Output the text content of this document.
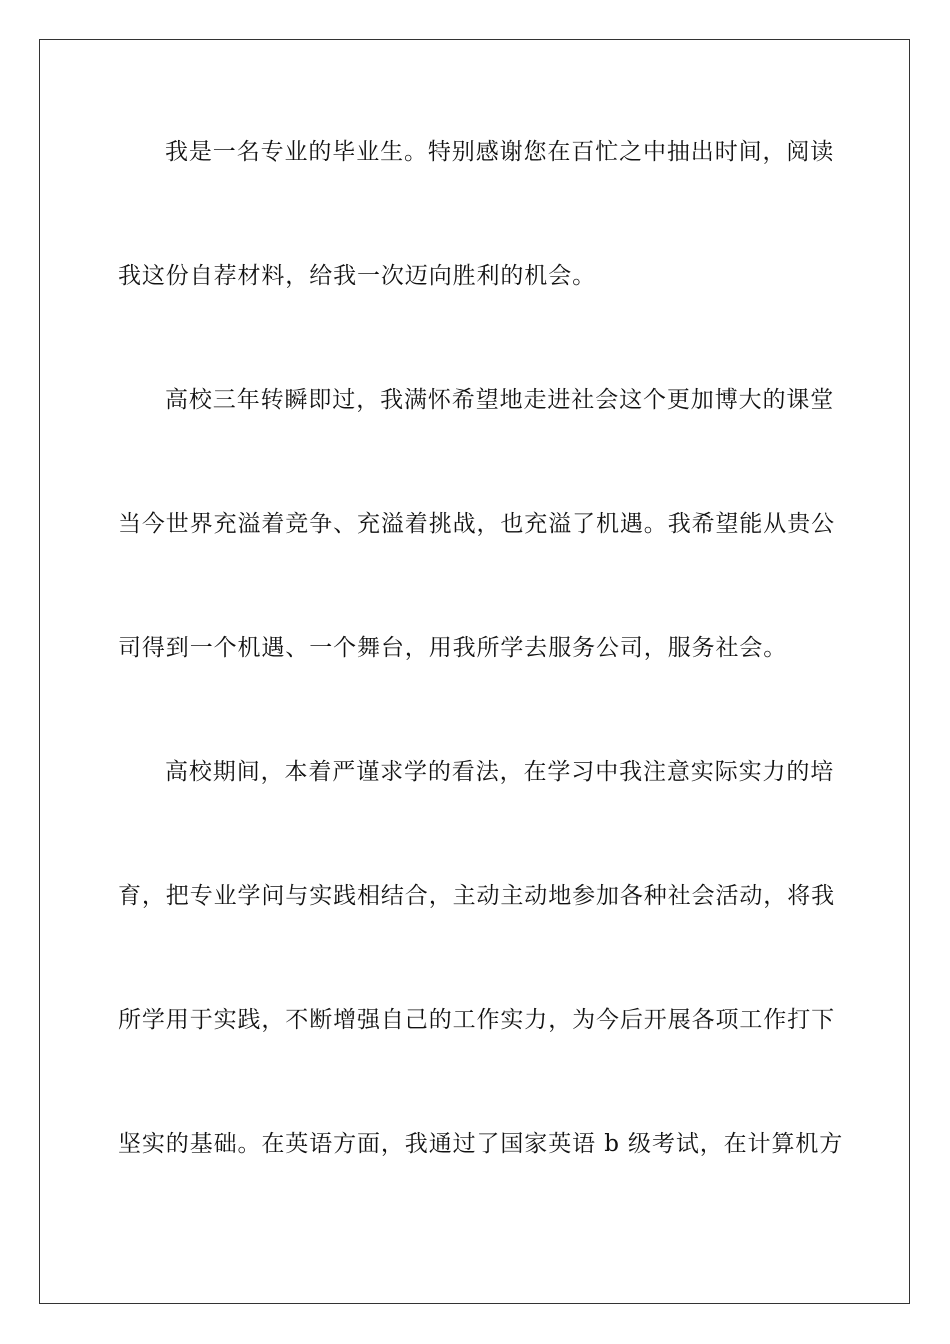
我是一名专业的毕业生。特别感谢您在百忙之中抽出时间，阅读
我这份自荐材料，给我一次迈向胜利的机会。
高校三年转瞬即过，我满怀希望地走进社会这个更加博大的课堂
当今世界充溢着竞争、充溢着挑战，也充溢了机遇。我希望能从贵公
司得到一个机遇、一个舞台，用我所学去服务公司，服务社会。
高校期间，本着严谨求学的看法，在学习中我注意实际实力的培
育，把专业学问与实践相结合，主动主动地参加各种社会活动，将我
所学用于实践，不断增强自己的工作实力，为今后开展各项工作打下
坚实的基础。在英语方面，我通过了国家英语 b 级考试，在计算机方
